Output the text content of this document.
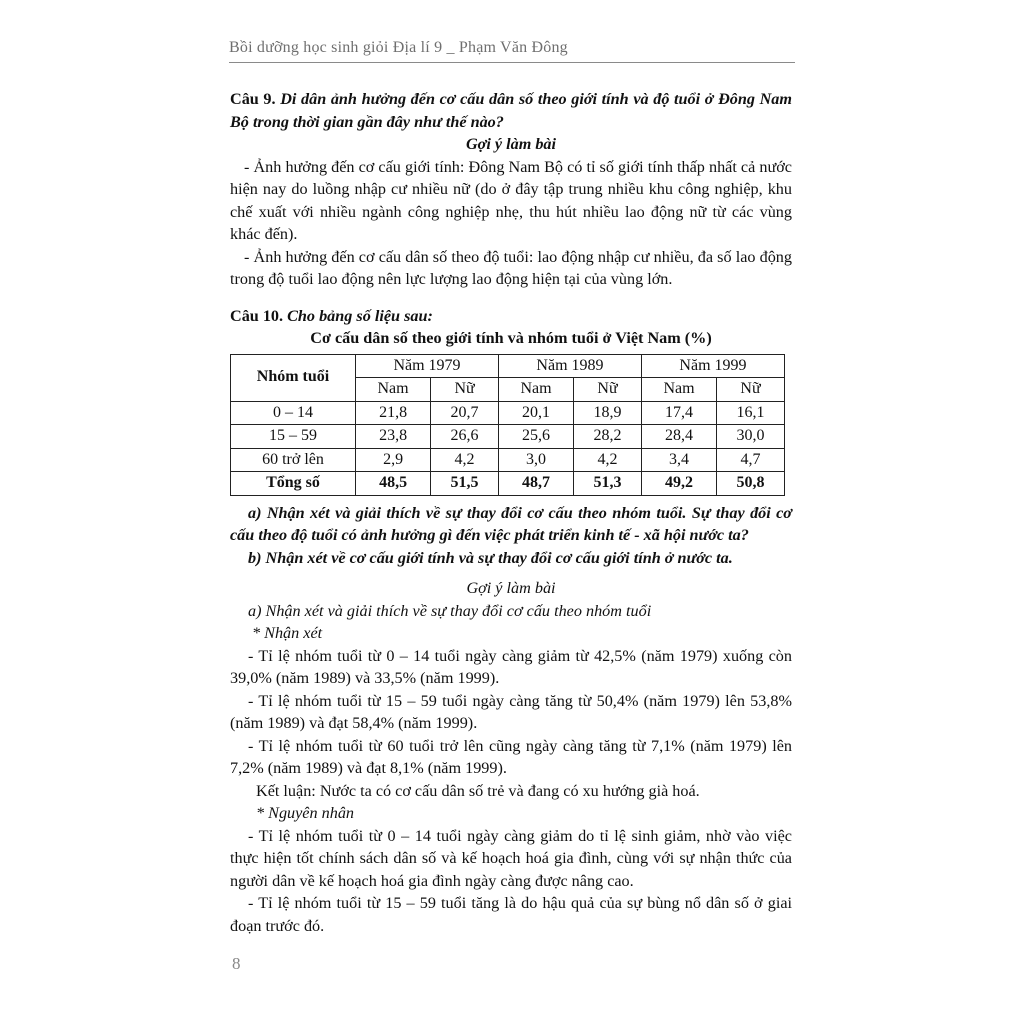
Bồi dưỡng học sinh giỏi Địa lí 9 _ Phạm Văn Đông

Câu 9. Di dân ảnh hưởng đến cơ cấu dân số theo giới tính và độ tuổi ở Đông Nam Bộ trong thời gian gần đây như thế nào?

Gợi ý làm bài

- Ảnh hưởng đến cơ cấu giới tính: Đông Nam Bộ có tỉ số giới tính thấp nhất cả nước hiện nay do luồng nhập cư nhiều nữ (do ở đây tập trung nhiều khu công nghiệp, khu chế xuất với nhiều ngành công nghiệp nhẹ, thu hút nhiều lao động nữ từ các vùng khác đến).

- Ảnh hưởng đến cơ cấu dân số theo độ tuổi: lao động nhập cư nhiều, đa số lao động trong độ tuổi lao động nên lực lượng lao động hiện tại của vùng lớn.

Câu 10. Cho bảng số liệu sau:

Cơ cấu dân số theo giới tính và nhóm tuổi ở Việt Nam (%)

Nhóm tuổi	Năm 1979		Năm 1989		Năm 1999	
	Nam	Nữ	Nam	Nữ	Nam	Nữ
0 – 14	21,8	20,7	20,1	18,9	17,4	16,1
15 – 59	23,8	26,6	25,6	28,2	28,4	30,0
60 trở lên	2,9	4,2	3,0	4,2	3,4	4,7
Tổng số	48,5	51,5	48,7	51,3	49,2	50,8

a) Nhận xét và giải thích về sự thay đổi cơ cấu theo nhóm tuổi. Sự thay đổi cơ cấu theo độ tuổi có ảnh hưởng gì đến việc phát triển kinh tế - xã hội nước ta?

b) Nhận xét về cơ cấu giới tính và sự thay đổi cơ cấu giới tính ở nước ta.

Gợi ý làm bài

a) Nhận xét và giải thích về sự thay đổi cơ cấu theo nhóm tuổi

* Nhận xét

- Tỉ lệ nhóm tuổi từ 0 – 14 tuổi ngày càng giảm từ 42,5% (năm 1979) xuống còn 39,0% (năm 1989) và 33,5% (năm 1999).

- Tỉ lệ nhóm tuổi từ 15 – 59 tuổi ngày càng tăng từ 50,4% (năm 1979) lên 53,8% (năm 1989) và đạt 58,4% (năm 1999).

- Tỉ lệ nhóm tuổi từ 60 tuổi trở lên cũng ngày càng tăng từ 7,1% (năm 1979) lên 7,2% (năm 1989) và đạt 8,1% (năm 1999).

Kết luận: Nước ta có cơ cấu dân số trẻ và đang có xu hướng già hoá.

* Nguyên nhân

- Tỉ lệ nhóm tuổi từ 0 – 14 tuổi ngày càng giảm do tỉ lệ sinh giảm, nhờ vào việc thực hiện tốt chính sách dân số và kế hoạch hoá gia đình, cùng với sự nhận thức của người dân về kế hoạch hoá gia đình ngày càng được nâng cao.

- Tỉ lệ nhóm tuổi từ 15 – 59 tuổi tăng là do hậu quả của sự bùng nổ dân số ở giai đoạn trước đó.

8
